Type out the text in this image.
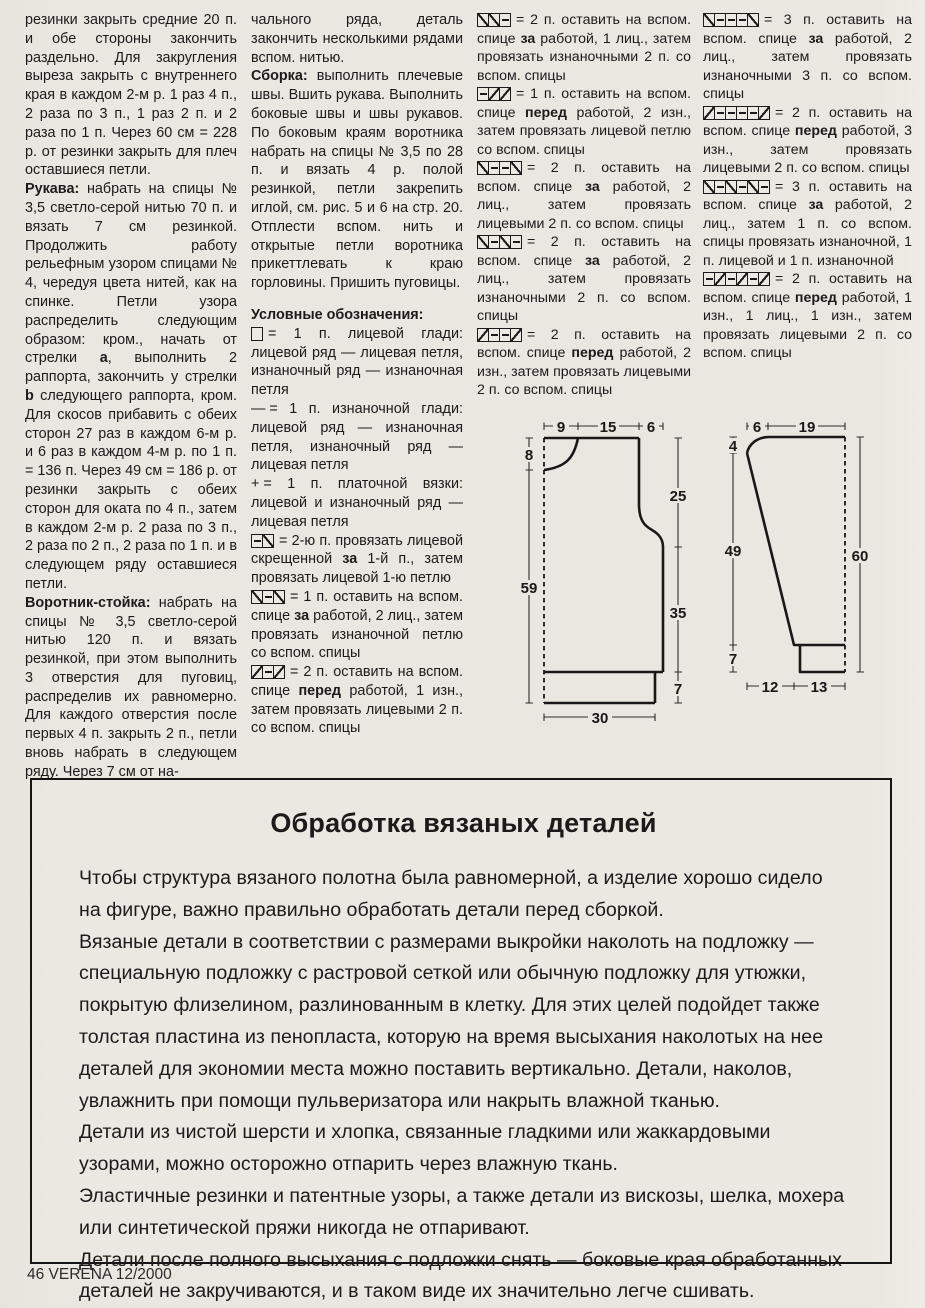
резинки закрыть средние 20 п. и обе стороны закончить раздельно. Для закругления выреза закрыть с внутреннего края в каждом 2-м р. 1 раз 4 п., 2 раза по 3 п., 1 раз 2 п. и 2 раза по 1 п. Через 60 см = 228 р. от резинки закрыть для плеч оставшиеся петли.
Рукава: набрать на спицы № 3,5 светло-серой нитью 70 п. и вязать 7 см резинкой. Продолжить работу рельефным узором спицами № 4, чередуя цвета нитей, как на спинке. Петли узора распределить следующим образом: кром., начать от стрелки a, выполнить 2 раппорта, закончить у стрелки b следующего раппорта, кром. Для скосов прибавить с обеих сторон 27 раз в каждом 6-м р. и 6 раз в каждом 4-м р. по 1 п. = 136 п. Через 49 см = 186 р. от резинки закрыть с обеих сторон для оката по 4 п., затем в каждом 2-м р. 2 раза по 3 п., 2 раза по 2 п., 2 раза по 1 п. и в следующем ряду оставшиеся петли.
Воротник-стойка: набрать на спицы № 3,5 светло-серой нитью 120 п. и вязать резинкой, при этом выполнить 3 отверстия для пуговиц, распределив их равномерно. Для каждого отверстия после первых 4 п. закрыть 2 п., петли вновь набрать в следующем ряду. Через 7 см от на-
чального ряда, деталь закончить несколькими рядами вспом. нитью.
Сборка: выполнить плечевые швы. Вшить рукава. Выполнить боковые швы и швы рукавов. По боковым краям воротника набрать на спицы № 3,5 по 28 п. и вязать 4 р. полой резинкой, петли закрепить иглой, см. рис. 5 и 6 на стр. 20. Отплести вспом. нить и открытые петли воротника прикеттлевать к краю горловины. Пришить пуговицы.
Условные обозначения:
= 1 п. лицевой глади: лицевой ряд — лицевая петля, изнаночный ряд — изнаночная петля
— = 1 п. изнаночной глади: лицевой ряд — изнаночная петля, изнаночный ряд — лицевая петля
+ = 1 п. платочной вязки: лицевой и изнаночный ряд — лицевая петля
= 2-ю п. провязать лицевой скрещенной за 1-й п., затем провязать лицевой 1-ю петлю
= 1 п. оставить на вспом. спице за работой, 2 лиц., затем провязать изнаночной петлю со вспом. спицы
= 2 п. оставить на вспом. спице перед работой, 1 изн., затем провязать лицевыми 2 п. со вспом. спицы
= 2 п. оставить на вспом. спице за работой, 1 лиц., затем провязать изнаночными 2 п. со вспом. спицы
= 1 п. оставить на вспом. спице перед работой, 2 изн., затем провязать лицевой петлю со вспом. спицы
= 2 п. оставить на вспом. спице за работой, 2 лиц., затем провязать лицевыми 2 п. со вспом. спицы
= 2 п. оставить на вспом. спице за работой, 2 лиц., затем провязать изнаночными 2 п. со вспом. спицы
= 2 п. оставить на вспом. спице перед работой, 2 изн., затем провязать лицевыми 2 п. со вспом. спицы
= 3 п. оставить на вспом. спице за работой, 2 лиц., затем провязать изнаночными 3 п. со вспом. спицы
= 2 п. оставить на вспом. спице перед работой, 3 изн., затем провязать лицевыми 2 п. со вспом. спицы
= 3 п. оставить на вспом. спице за работой, 2 лиц., затем 1 п. со вспом. спицы провязать изнаночной, 1 п. лицевой и 1 п. изнаночной
= 2 п. оставить на вспом. спице перед работой, 1 изн., 1 лиц., 1 изн., затем провязать лицевыми 2 п. со вспом. спицы
9 15 6
8
59
25
35
7
30
6 19
4
49
7
60
12 13
Обработка вязаных деталей

Чтобы структура вязаного полотна была равномерной, а изделие хорошо сидело на фигуре, важно правильно обработать детали перед сборкой.

Вязаные детали в соответствии с размерами выкройки наколоть на подложку — специальную подложку с растровой сеткой или обычную подложку для утюжки, покрытую флизелином, разлинованным в клетку. Для этих целей подойдет также толстая пластина из пенопласта, которую на время высыхания наколотых на нее деталей для экономии места можно поставить вертикально. Детали, наколов, увлажнить при помощи пульверизатора или накрыть влажной тканью.

Детали из чистой шерсти и хлопка, связанные гладкими или жаккардовыми узорами, можно осторожно отпарить через влажную ткань.

Эластичные резинки и патентные узоры, а также детали из вискозы, шелка, мохера или синтетической пряжи никогда не отпаривают.

Детали после полного высыхания с подложки снять — боковые края обработанных деталей не закручиваются, и в таком виде их значительно легче сшивать.

46 VERENA 12/2000
